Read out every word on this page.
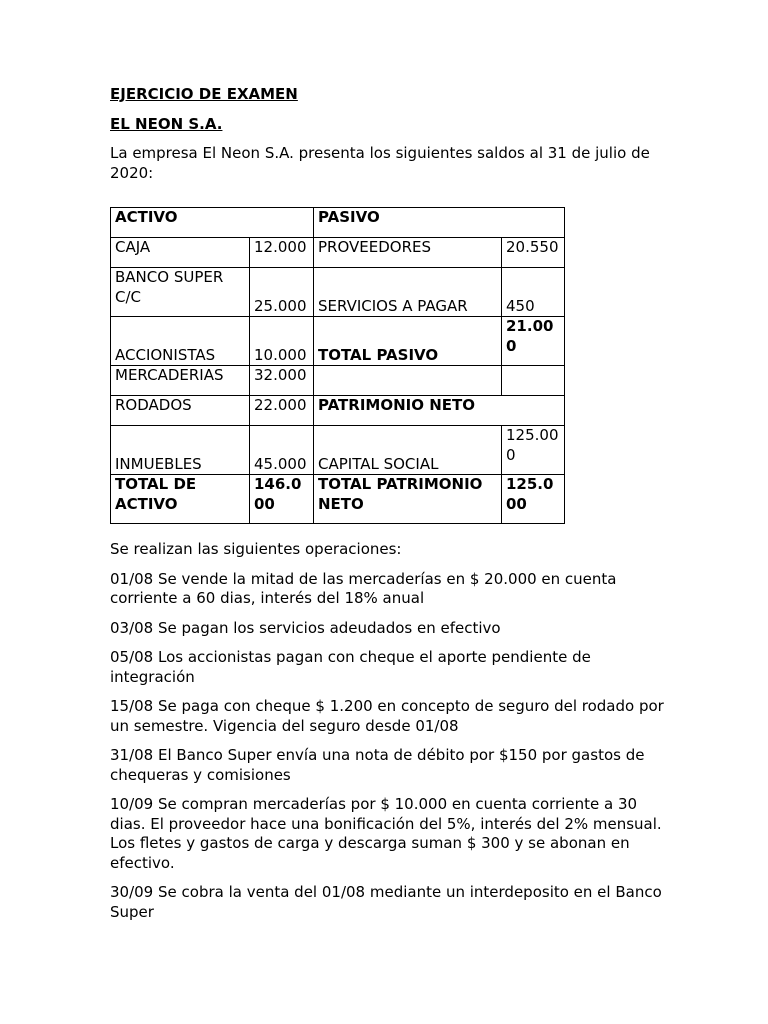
EJERCICIO DE EXAMEN

EL NEON S.A.

La empresa El Neon S.A. presenta los siguientes saldos al 31 de julio de 2020:

ACTIVO		PASIVO	
CAJA	12.000	PROVEEDORES	20.550
BANCO SUPER C/C	25.000	SERVICIOS A PAGAR	450
ACCIONISTAS	10.000	TOTAL PASIVO	21.000
MERCADERIAS	32.000		
RODADOS	22.000	PATRIMONIO NETO	
INMUEBLES	45.000	CAPITAL SOCIAL	125.000
TOTAL DE ACTIVO	146.000	TOTAL PATRIMONIO NETO	125.000

Se realizan las siguientes operaciones:

01/08 Se vende la mitad de las mercaderías en $ 20.000 en cuenta corriente a 60 dias, interés del 18% anual

03/08 Se pagan los servicios adeudados en efectivo

05/08 Los accionistas pagan con cheque el aporte pendiente de integración

15/08 Se paga con cheque $ 1.200 en concepto de seguro del rodado por un semestre. Vigencia del seguro desde 01/08

31/08 El Banco Super envía una nota de débito por $150 por gastos de chequeras y comisiones

10/09 Se compran mercaderías por $ 10.000 en cuenta corriente a 30 dias. El proveedor hace una bonificación del 5%, interés del 2% mensual. Los fletes y gastos de carga y descarga suman $ 300 y se abonan en efectivo.

30/09 Se cobra la venta del 01/08 mediante un interdeposito en el Banco Super
